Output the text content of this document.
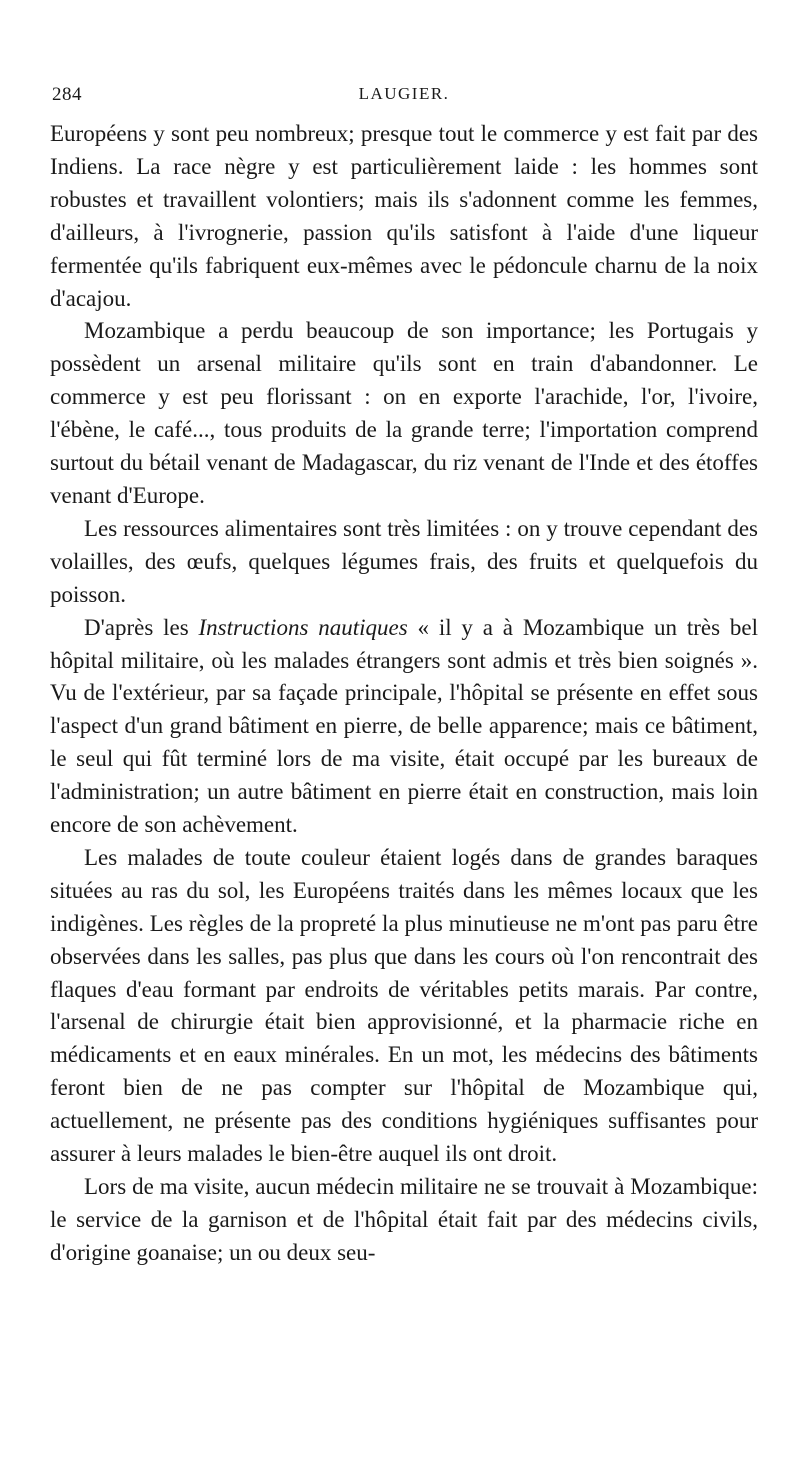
284	LAUGIER.

Européens y sont peu nombreux; presque tout le commerce y est fait par des Indiens. La race nègre y est particulièrement laide : les hommes sont robustes et travaillent volontiers; mais ils s'adonnent comme les femmes, d'ailleurs, à l'ivrognerie, passion qu'ils satisfont à l'aide d'une liqueur fermentée qu'ils fabriquent eux-mêmes avec le pédoncule charnu de la noix d'acajou.

Mozambique a perdu beaucoup de son importance; les Portugais y possèdent un arsenal militaire qu'ils sont en train d'abandonner. Le commerce y est peu florissant : on en exporte l'arachide, l'or, l'ivoire, l'ébène, le café..., tous produits de la grande terre; l'importation comprend surtout du bétail venant de Madagascar, du riz venant de l'Inde et des étoffes venant d'Europe.

Les ressources alimentaires sont très limitées : on y trouve cependant des volailles, des œufs, quelques légumes frais, des fruits et quelquefois du poisson.

D'après les Instructions nautiques « il y a à Mozambique un très bel hôpital militaire, où les malades étrangers sont admis et très bien soignés ». Vu de l'extérieur, par sa façade principale, l'hôpital se présente en effet sous l'aspect d'un grand bâtiment en pierre, de belle apparence; mais ce bâtiment, le seul qui fût terminé lors de ma visite, était occupé par les bureaux de l'administration; un autre bâtiment en pierre était en construction, mais loin encore de son achèvement.

Les malades de toute couleur étaient logés dans de grandes baraques situées au ras du sol, les Européens traités dans les mêmes locaux que les indigènes. Les règles de la propreté la plus minutieuse ne m'ont pas paru être observées dans les salles, pas plus que dans les cours où l'on rencontrait des flaques d'eau formant par endroits de véritables petits marais. Par contre, l'arsenal de chirurgie était bien approvisionné, et la pharmacie riche en médicaments et en eaux minérales. En un mot, les médecins des bâtiments feront bien de ne pas compter sur l'hôpital de Mozambique qui, actuellement, ne présente pas des conditions hygiéniques suffisantes pour assurer à leurs malades le bien-être auquel ils ont droit.

Lors de ma visite, aucun médecin militaire ne se trouvait à Mozambique: le service de la garnison et de l'hôpital était fait par des médecins civils, d'origine goanaise; un ou deux seu-
